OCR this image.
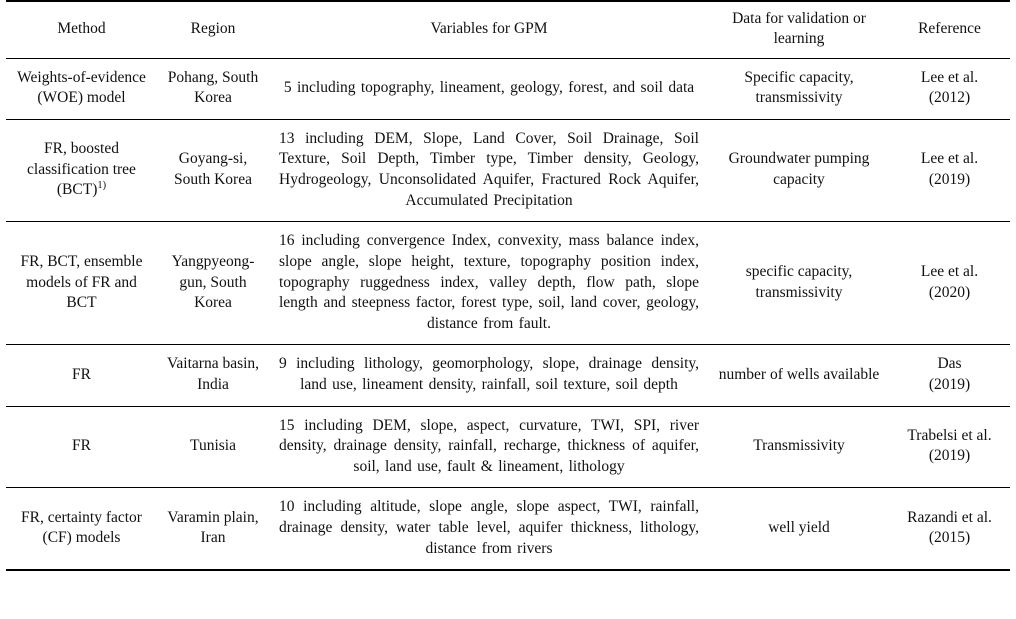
Method	Region	Variables for GPM	Data for validation or learning	Reference
Weights-of-evidence (WOE) model	Pohang, South Korea	5 including topography, lineament, geology, forest, and soil data	Specific capacity, transmissivity	Lee et al.
(2012)

FR, boosted classification tree (BCT)$^{1)}$	Goyang-si, South Korea	13 including DEM, Slope, Land Cover, Soil Drainage, Soil Texture, Soil Depth, Timber type, Timber density, Geology, Hydrogeology, Unconsolidated Aquifer, Fractured Rock Aquifer, Accumulated Precipitation	Groundwater pumping capacity	Lee et al.
(2019)

FR, BCT, ensemble models of FR and BCT	Yangpyeong-gun, South Korea	16 including convergence Index, convexity, mass balance index, slope angle, slope height, texture, topography position index, topography ruggedness index, valley depth, flow path, slope length and steepness factor, forest type, soil, land cover, geology, distance from fault.	specific capacity, transmissivity	Lee et al.
(2020)

FR	Vaitarna basin, India	9 including lithology, geomorphology, slope, drainage density, land use, lineament density, rainfall, soil texture, soil depth	number of wells available	Das
(2019)

FR	Tunisia	15 including DEM, slope, aspect, curvature, TWI, SPI, river density, drainage density, rainfall, recharge, thickness of aquifer, soil, land use, fault & lineament, lithology	Transmissivity	Trabelsi et al.
(2019)

FR, certainty factor (CF) models	Varamin plain, Iran	10 including altitude, slope angle, slope aspect, TWI, rainfall, drainage density, water table level, aquifer thickness, lithology, distance from rivers	well yield	Razandi et al.
(2015)
